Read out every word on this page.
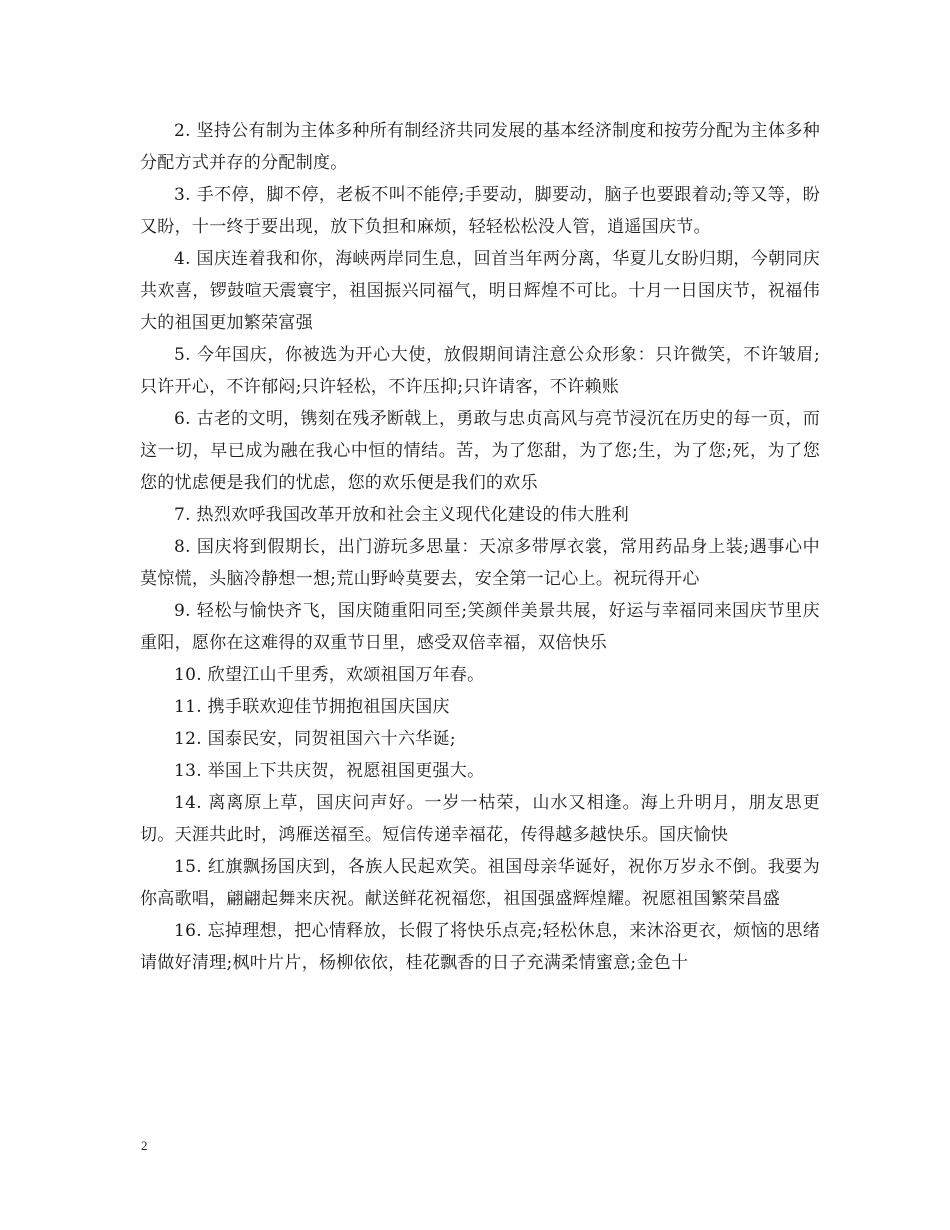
2. 坚持公有制为主体多种所有制经济共同发展的基本经济制度和按劳分配为主体多种分配方式并存的分配制度。

3. 手不停，脚不停，老板不叫不能停;手要动，脚要动，脑子也要跟着动;等又等，盼又盼，十一终于要出现，放下负担和麻烦，轻轻松松没人管，逍遥国庆节。

4. 国庆连着我和你，海峡两岸同生息，回首当年两分离，华夏儿女盼归期，今朝同庆共欢喜，锣鼓喧天震寰宇，祖国振兴同福气，明日辉煌不可比。十月一日国庆节，祝福伟大的祖国更加繁荣富强

5. 今年国庆，你被选为开心大使，放假期间请注意公众形象：只许微笑，不许皱眉;只许开心，不许郁闷;只许轻松，不许压抑;只许请客，不许赖账

6. 古老的文明，镌刻在残矛断戟上，勇敢与忠贞高风与亮节浸沉在历史的每一页，而这一切，早已成为融在我心中恒的情结。苦，为了您甜，为了您;生，为了您;死，为了您您的忧虑便是我们的忧虑，您的欢乐便是我们的欢乐

7. 热烈欢呼我国改革开放和社会主义现代化建设的伟大胜利

8. 国庆将到假期长，出门游玩多思量：天凉多带厚衣裳，常用药品身上装;遇事心中莫惊慌，头脑冷静想一想;荒山野岭莫要去，安全第一记心上。祝玩得开心

9. 轻松与愉快齐飞，国庆随重阳同至;笑颜伴美景共展，好运与幸福同来国庆节里庆重阳，愿你在这难得的双重节日里，感受双倍幸福，双倍快乐

10. 欣望江山千里秀，欢颂祖国万年春。

11. 携手联欢迎佳节拥抱祖国庆国庆

12. 国泰民安，同贺祖国六十六华诞;

13. 举国上下共庆贺，祝愿祖国更强大。

14. 离离原上草，国庆问声好。一岁一枯荣，山水又相逢。海上升明月，朋友思更切。天涯共此时，鸿雁送福至。短信传递幸福花，传得越多越快乐。国庆愉快

15. 红旗飘扬国庆到，各族人民起欢笑。祖国母亲华诞好，祝你万岁永不倒。我要为你高歌唱，翩翩起舞来庆祝。献送鲜花祝福您，祖国强盛辉煌耀。祝愿祖国繁荣昌盛

16. 忘掉理想，把心情释放，长假了将快乐点亮;轻松休息，来沐浴更衣，烦恼的思绪请做好清理;枫叶片片，杨柳依依，桂花飘香的日子充满柔情蜜意;金色十

2
